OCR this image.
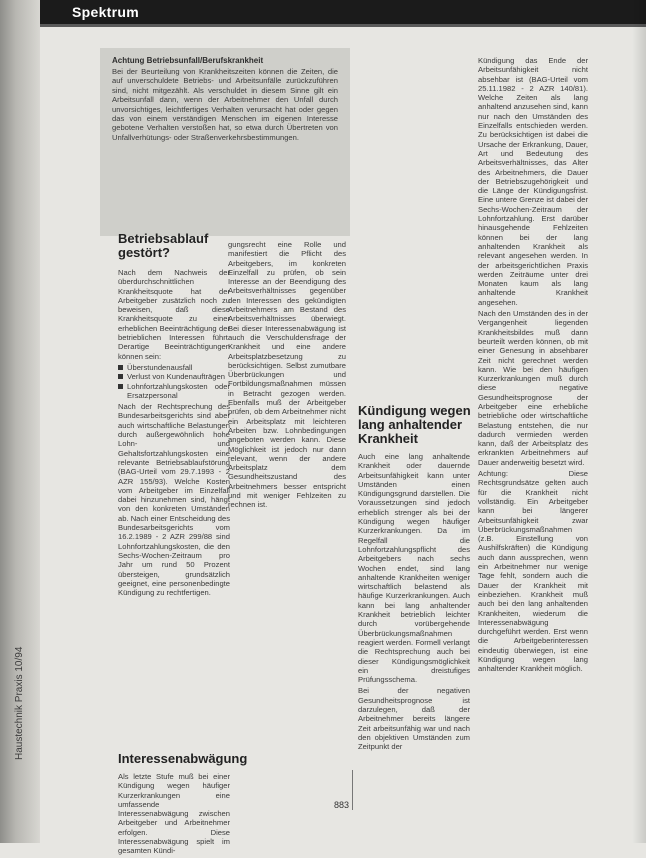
Haustechnik Praxis 10/94
Spektrum
Achtung Betriebsunfall/Berufskrankheit
Bei der Beurteilung von Krankheitszeiten können die Zeiten, die auf unverschuldete Betriebs- und Arbeitsunfälle zurückzuführen sind, nicht mitgezählt. Als verschuldet in diesem Sinne gilt ein Arbeitsunfall dann, wenn der Arbeitnehmer den Unfall durch unvorsichtiges, leichtfertiges Verhalten verursacht hat oder gegen das von einem verständigen Menschen im eigenen Interesse gebotene Verhalten verstoßen hat, so etwa durch Übertreten von Unfallverhütungs- oder Straßenverkehrsbestimmungen.
Betriebsablauf gestört?

Nach dem Nachweis der überdurchschnittlichen Krankheitsquote hat der Arbeitgeber zusätzlich noch zu beweisen, daß diese Krankheitsquote zu einer erheblichen Beeinträchtigung der betrieblichen Interessen führt. Derartige Beeinträchtigungen können sein:

Überstundenausfall
Verlust von Kundenaufträgen
Lohnfortzahlungskosten oder Ersatzpersonal

Nach der Rechtsprechung des Bundesarbeitsgerichts sind aber auch wirtschaftliche Belastungen durch außergewöhnlich hohe Lohn- und Gehaltsfortzahlungskosten eine relevante Betriebsablaufstörung (BAG-Urteil vom 29.7.1993 - 2 AZR 155/93). Welche Kosten vom Arbeitgeber im Einzelfall dabei hinzunehmen sind, hängt von den konkreten Umständen ab. Nach einer Entscheidung des Bundesarbeitsgerichts vom 16.2.1989 - 2 AZR 299/88 sind Lohnfortzahlungskosten, die den Sechs-Wochen-Zeitraum pro Jahr um rund 50 Prozent übersteigen, grundsätzlich geeignet, eine personenbedingte Kündigung zu rechtfertigen.

Interessenabwägung

Als letzte Stufe muß bei einer Kündigung wegen häufiger Kurzerkrankungen eine umfassende Interessenabwägung zwischen Arbeitgeber und Arbeitnehmer erfolgen. Diese Interessenabwägung spielt im gesamten Kündi-

gungsrecht eine Rolle und manifestiert die Pflicht des Arbeitgebers, im konkreten Einzelfall zu prüfen, ob sein Interesse an der Beendigung des Arbeitsverhältnisses gegenüber den Interessen des gekündigten Arbeitnehmers am Bestand des Arbeitsverhältnisses überwiegt. Bei dieser Interessenabwägung ist auch die Verschuldensfrage der Krankheit und eine andere Arbeitsplatzbesetzung zu berücksichtigen. Selbst zumutbare Überbrückungen und Fortbildungsmaßnahmen müssen in Betracht gezogen werden. Ebenfalls muß der Arbeitgeber prüfen, ob dem Arbeitnehmer nicht ein Arbeitsplatz mit leichteren Arbeiten bzw. Lohnbedingungen angeboten werden kann. Diese Möglichkeit ist jedoch nur dann relevant, wenn der andere Arbeitsplatz dem Gesundheitszustand des Arbeitnehmers besser entspricht und mit weniger Fehlzeiten zu rechnen ist.

Kündigung wegen lang anhaltender Krankheit

Auch eine lang anhaltende Krankheit oder dauernde Arbeitsunfähigkeit kann unter Umständen einen Kündigungsgrund darstellen. Die Voraussetzungen sind jedoch erheblich strenger als bei der Kündigung wegen häufiger Kurzerkrankungen. Da im Regelfall die Lohnfortzahlungspflicht des Arbeitgebers nach sechs Wochen endet, sind lang anhaltende Krankheiten weniger wirtschaftlich belastend als häufige Kurzerkrankungen. Auch kann bei lang anhaltender Krankheit betrieblich leichter durch vorübergehende Überbrückungsmaßnahmen reagiert werden. Formell verlangt die Rechtsprechung auch bei dieser Kündigungsmöglichkeit ein dreistufiges Prüfungsschema.

Bei der negativen Gesundheitsprognose ist darzulegen, daß der Arbeitnehmer bereits längere Zeit arbeitsunfähig war und nach den objektiven Umständen zum Zeitpunkt der

Kündigung das Ende der Arbeitsunfähigkeit nicht absehbar ist (BAG-Urteil vom 25.11.1982 - 2 AZR 140/81). Welche Zeiten als lang anhaltend anzusehen sind, kann nur nach den Umständen des Einzelfalls entschieden werden. Zu berücksichtigen ist dabei die Ursache der Erkrankung, Dauer, Art und Bedeutung des Arbeitsverhältnisses, das Alter des Arbeitnehmers, die Dauer der Betriebszugehörigkeit und die Länge der Kündigungsfrist. Eine untere Grenze ist dabei der Sechs-Wochen-Zeitraum der Lohnfortzahlung. Erst darüber hinausgehende Fehlzeiten können bei der lang anhaltenden Krankheit als relevant angesehen werden. In der arbeitsgerichtlichen Praxis werden Zeiträume unter drei Monaten kaum als lang anhaltende Krankheit angesehen.

Nach den Umständen des in der Vergangenheit liegenden Krankheitsbildes muß dann beurteilt werden können, ob mit einer Genesung in absehbarer Zeit nicht gerechnet werden kann. Wie bei den häufigen Kurzerkrankungen muß durch diese negative Gesundheitsprognose der Arbeitgeber eine erhebliche betriebliche oder wirtschaftliche Belastung entstehen, die nur dadurch vermieden werden kann, daß der Arbeitsplatz des erkrankten Arbeitnehmers auf Dauer anderweitig besetzt wird.

Achtung: Diese Rechtsgrundsätze gelten auch für die Krankheit nicht vollständig. Ein Arbeitgeber kann bei längerer Arbeitsunfähigkeit zwar Überbrückungsmaßnahmen (z.B. Einstellung von Aushilfskräften) die Kündigung auch dann aussprechen, wenn ein Arbeitnehmer nur wenige Tage fehlt, sondern auch die Dauer der Krankheit mit einbeziehen. Krankheit muß auch bei den lang anhaltenden Krankheiten, wiederum die Interessenabwägung durchgeführt werden. Erst wenn die Arbeitgeberinteressen eindeutig überwiegen, ist eine Kündigung wegen lang anhaltender Krankheit möglich.

883
